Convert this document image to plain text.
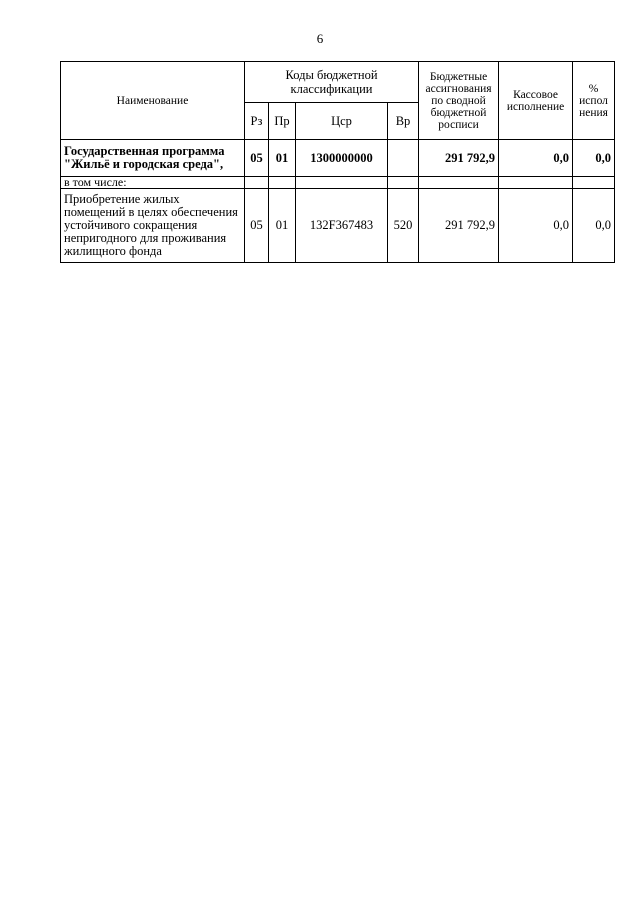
6
Наименование	Коды бюджетной классификации				Бюджетные ассигнования по сводной бюджетной росписи	Кассовое исполнение	% испол нения
	Рз	Пр	Цср	Вр			
Государственная программа "Жильё и городская среда",	05	01	1300000000		291 792,9	0,0	0,0
в том числе:							
Приобретение жилых помещений в целях обеспечения устойчивого сокращения непригодного для проживания жилищного фонда	05	01	132F367483	520	291 792,9	0,0	0,0
